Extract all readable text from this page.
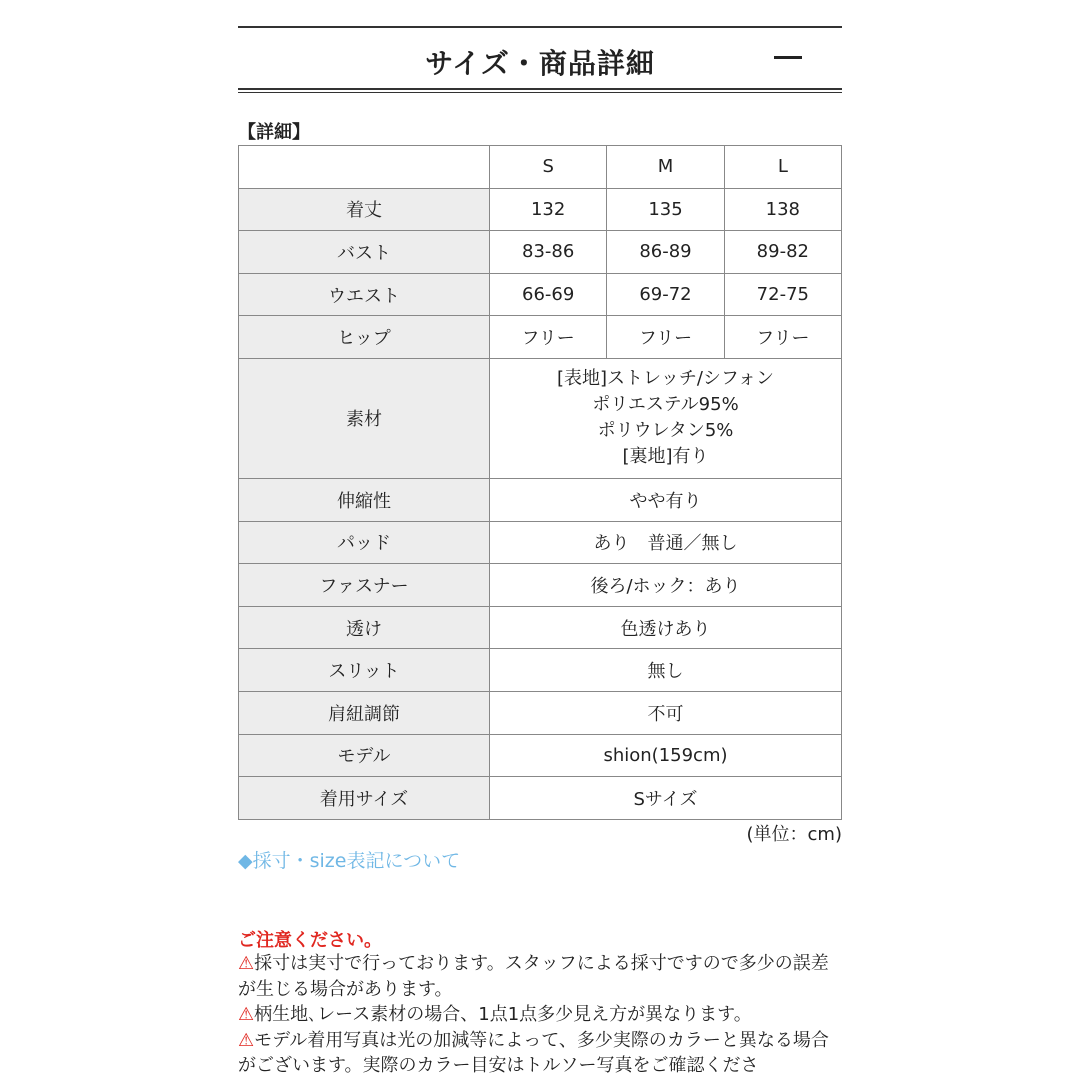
サイズ・商品詳細
【詳細】
	S	M	L
着丈	132	135	138
バスト	83-86	86-89	89-82
ウエスト	66-69	69-72	72-75
ヒップ	フリー	フリー	フリー
素材	[表地]ストレッチ/シフォン
ポリエステル95%
ポリウレタン5%
[裏地]有り		

伸縮性	やや有り		
パッド	あり　普通／無し		
ファスナー	後ろ/ホック：あり		
透け	色透けあり		
スリット	無し		
肩紐調節	不可		
モデル	shion(159cm)		
着用サイズ	Sサイズ		
(単位：cm)
◆採寸・size表記について
ご注意ください。
⚠採寸は実寸で行っております。スタッフによる採寸ですので多少の誤差が生じる場合があります。
⚠柄生地､レース素材の場合、1点1点多少見え方が異なります。
⚠モデル着用写真は光の加減等によって、多少実際のカラーと異なる場合がございます。実際のカラー目安はトルソー写真をご確認くださ
